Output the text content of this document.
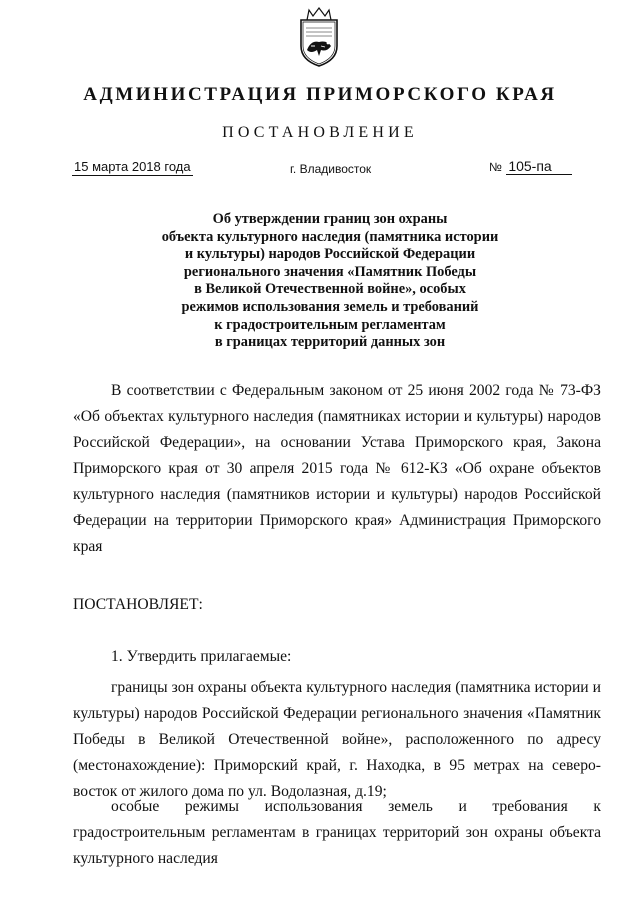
АДМИНИСТРАЦИЯ ПРИМОРСКОГО КРАЯ
ПОСТАНОВЛЕНИЕ
15 марта 2018 года	г. Владивосток	№ 105-па
Об утверждении границ зон охраны
объекта культурного наследия (памятника истории
и культуры) народов Российской Федерации
регионального значения «Памятник Победы
в Великой Отечественной войне», особых
режимов использования земель и требований
к градостроительным регламентам
в границах территорий данных зон

В соответствии с Федеральным законом от 25 июня 2002 года № 73-ФЗ «Об объектах культурного наследия (памятниках истории и культуры) народов Российской Федерации», на основании Устава Приморского края, Закона Приморского края от 30 апреля 2015 года № 612-КЗ «Об охране объектов культурного наследия (памятников истории и культуры) народов Российской Федерации на территории Приморского края» Администрация Приморского края

ПОСТАНОВЛЯЕТ:
1. Утвердить прилагаемые:

границы зон охраны объекта культурного наследия (памятника истории и культуры) народов Российской Федерации регионального значения «Памятник Победы в Великой Отечественной войне», расположенного по адресу (местонахождение): Приморский край, г. Находка, в 95 метрах на северо-восток от жилого дома по ул. Водолазная, д.19;

особые режимы использования земель и требования к градостроительным регламентам в границах территорий зон охраны объекта культурного наследия
